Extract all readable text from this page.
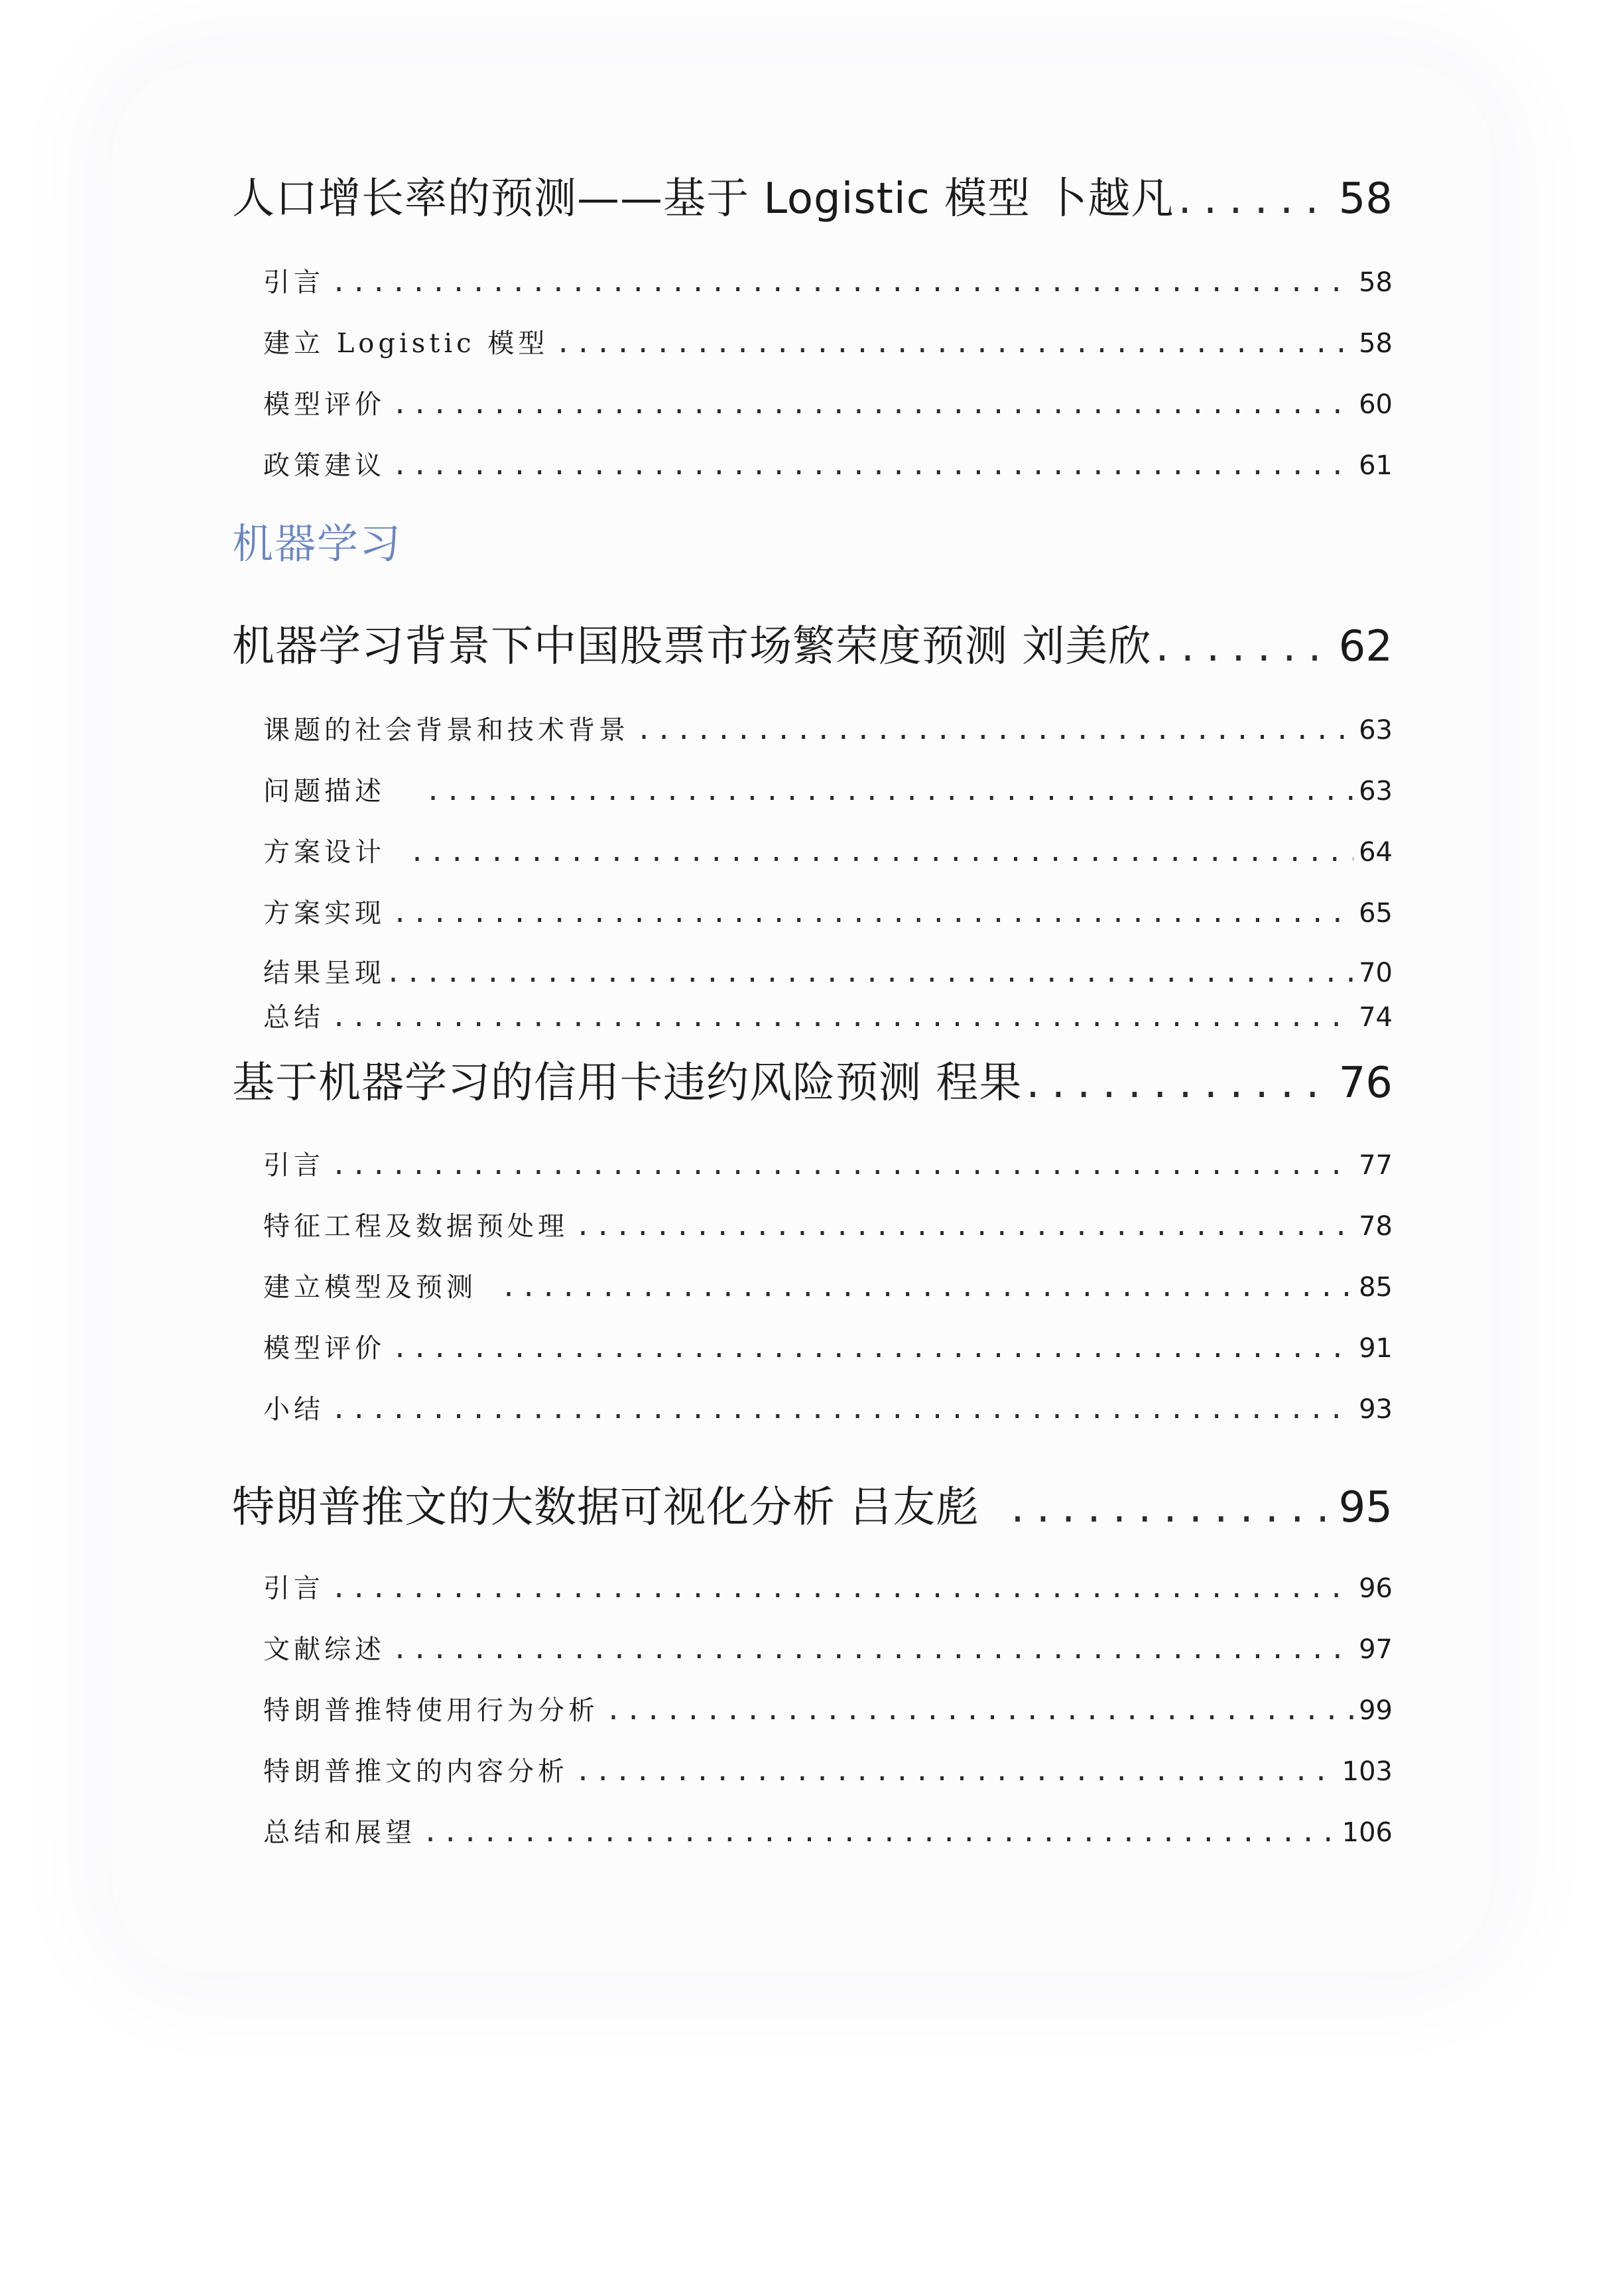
人口增长率的预测——基于 Logistic 模型 卜越凡 .....	58
引言 .....	58
建立 Logistic 模型 .....	58
模型评价 .....	60
政策建议 .....	61
机器学习
机器学习背景下中国股票市场繁荣度预测 刘美欣 .....	62
课题的社会背景和技术背景 .....	63
问题描述 .....	63
方案设计 .....	64
方案实现 .....	65
结果呈现 .....	70
总结 .....	74
基于机器学习的信用卡违约风险预测 程果 .....	76
引言 .....	77
特征工程及数据预处理 .....	78
建立模型及预测 .....	85
模型评价 .....	91
小结 .....	93
特朗普推文的大数据可视化分析 吕友彪 .....	95
引言 .....	96
文献综述 .....	97
特朗普推特使用行为分析 .....	99
特朗普推文的内容分析 .....	103
总结和展望 .....	106
